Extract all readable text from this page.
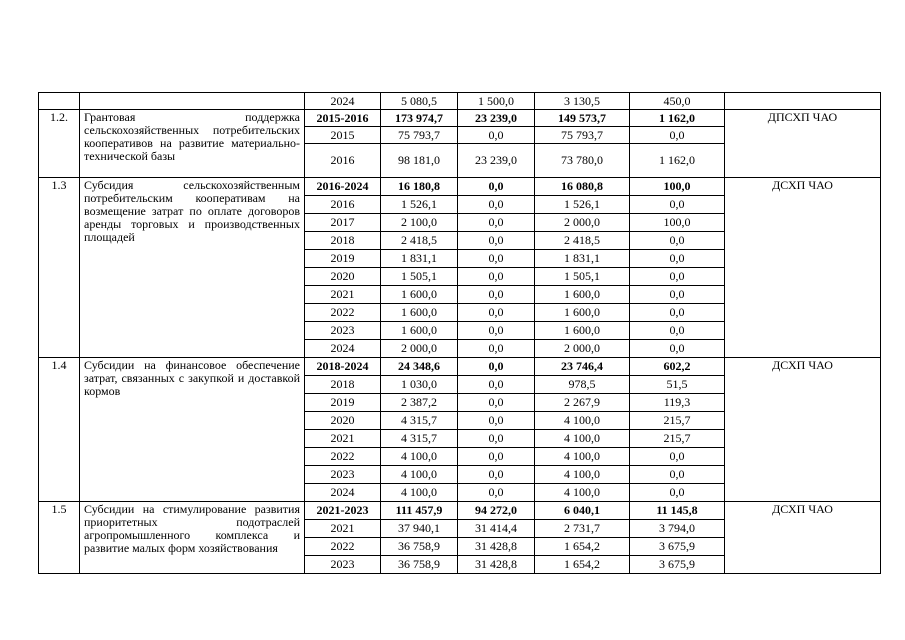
		2024	5 080,5	1 500,0	3 130,5	450,0	
1.2.	Грантовая поддержка сельскохозяйственных потребительских кооперативов на развитие материально-технической базы	2015-2016	173 974,7	23 239,0	149 573,7	1 162,0	ДПСХП ЧАО
		2015	75 793,7	0,0	75 793,7	0,0	
		2016	98 181,0	23 239,0	73 780,0	1 162,0	
1.3	Субсидия сельскохозяйственным потребительским кооперативам на возмещение затрат по оплате договоров аренды торговых и производственных площадей	2016-2024	16 180,8	0,0	16 080,8	100,0	ДСХП ЧАО
		2016	1 526,1	0,0	1 526,1	0,0	
		2017	2 100,0	0,0	2 000,0	100,0	
		2018	2 418,5	0,0	2 418,5	0,0	
		2019	1 831,1	0,0	1 831,1	0,0	
		2020	1 505,1	0,0	1 505,1	0,0	
		2021	1 600,0	0,0	1 600,0	0,0	
		2022	1 600,0	0,0	1 600,0	0,0	
		2023	1 600,0	0,0	1 600,0	0,0	
		2024	2 000,0	0,0	2 000,0	0,0	
1.4	Субсидии на финансовое обеспечение затрат, связанных с закупкой и доставкой кормов	2018-2024	24 348,6	0,0	23 746,4	602,2	ДСХП ЧАО
		2018	1 030,0	0,0	978,5	51,5	
		2019	2 387,2	0,0	2 267,9	119,3	
		2020	4 315,7	0,0	4 100,0	215,7	
		2021	4 315,7	0,0	4 100,0	215,7	
		2022	4 100,0	0,0	4 100,0	0,0	
		2023	4 100,0	0,0	4 100,0	0,0	
		2024	4 100,0	0,0	4 100,0	0,0	
1.5	Субсидии на стимулирование развития приоритетных подотраслей агропромышленного комплекса и развитие малых форм хозяйствования	2021-2023	111 457,9	94 272,0	6 040,1	11 145,8	ДСХП ЧАО
		2021	37 940,1	31 414,4	2 731,7	3 794,0	
		2022	36 758,9	31 428,8	1 654,2	3 675,9	
		2023	36 758,9	31 428,8	1 654,2	3 675,9	
